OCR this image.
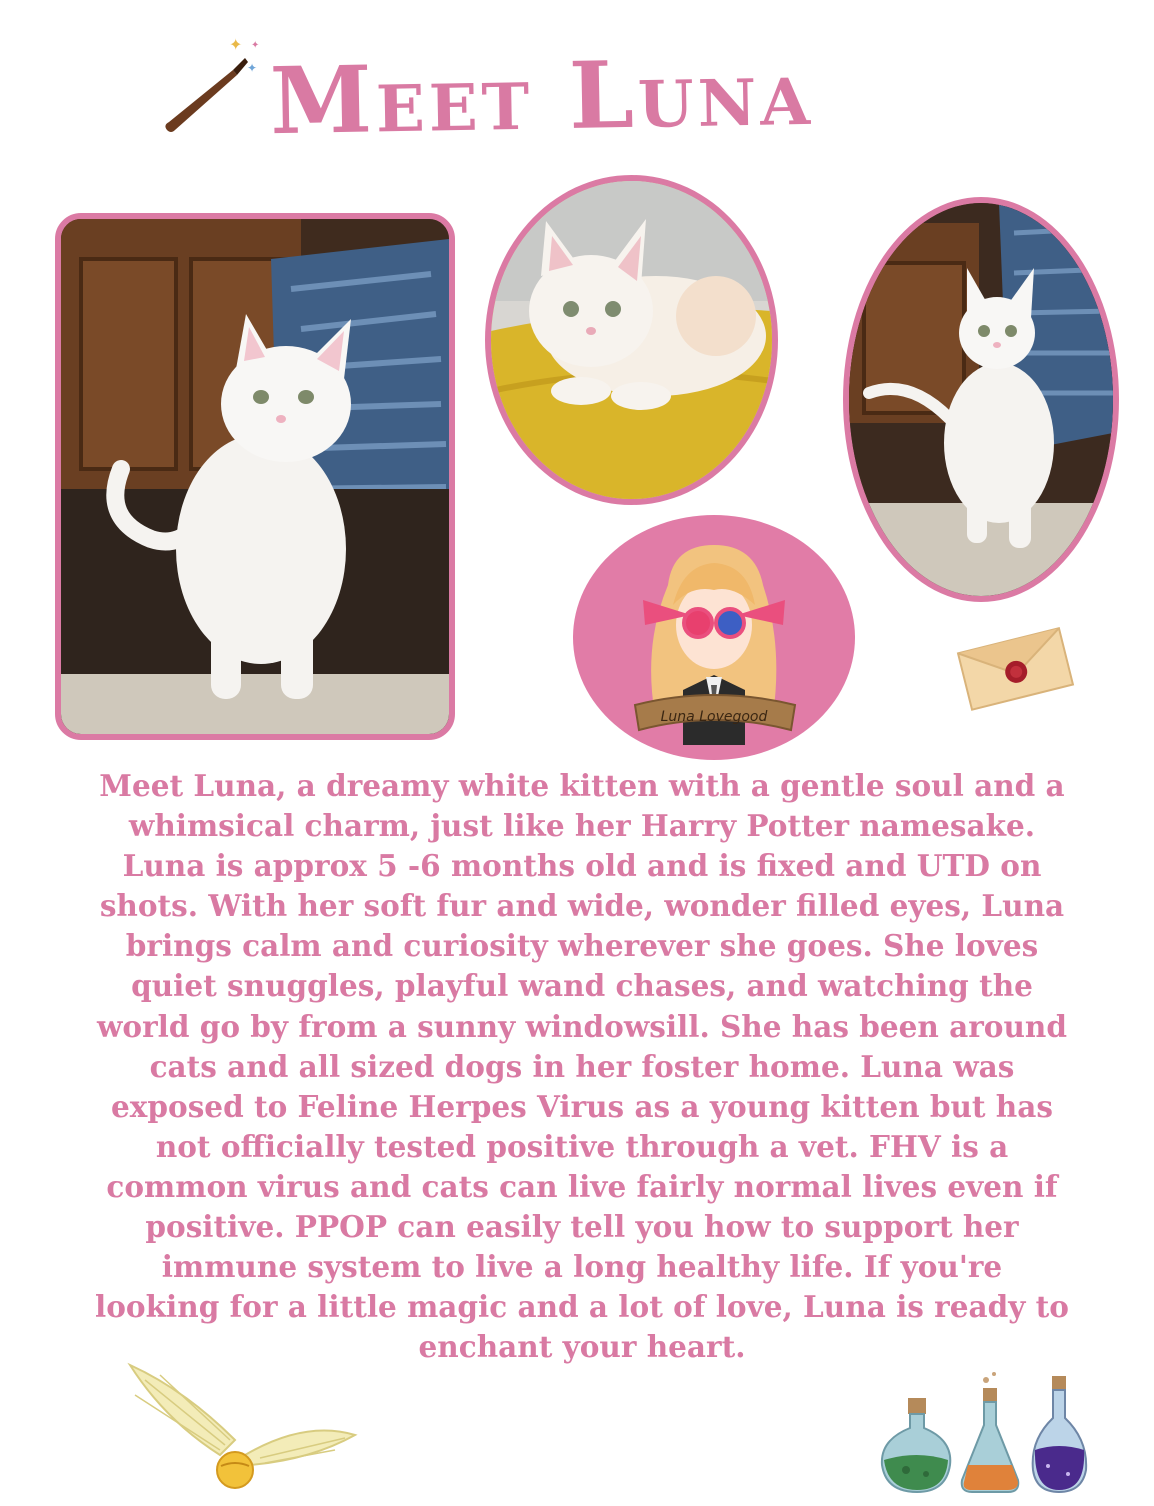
✦
✦
✦ Meet Luna
Luna Lovegood

Meet Luna, a dreamy white kitten with a gentle soul and a whimsical charm, just like her Harry Potter namesake. Luna is approx 5 -6 months old and is fixed and UTD on shots. With her soft fur and wide, wonder filled eyes, Luna brings calm and curiosity wherever she goes. She loves quiet snuggles, playful wand chases, and watching the world go by from a sunny windowsill. She has been around cats and all sized dogs in her foster home. Luna was exposed to Feline Herpes Virus as a young kitten but has not officially tested positive through a vet. FHV is a common virus and cats can live fairly normal lives even if positive. PPOP can easily tell you how to support her immune system to live a long healthy life. If you're looking for a little magic and a lot of love, Luna is ready to enchant your heart.
